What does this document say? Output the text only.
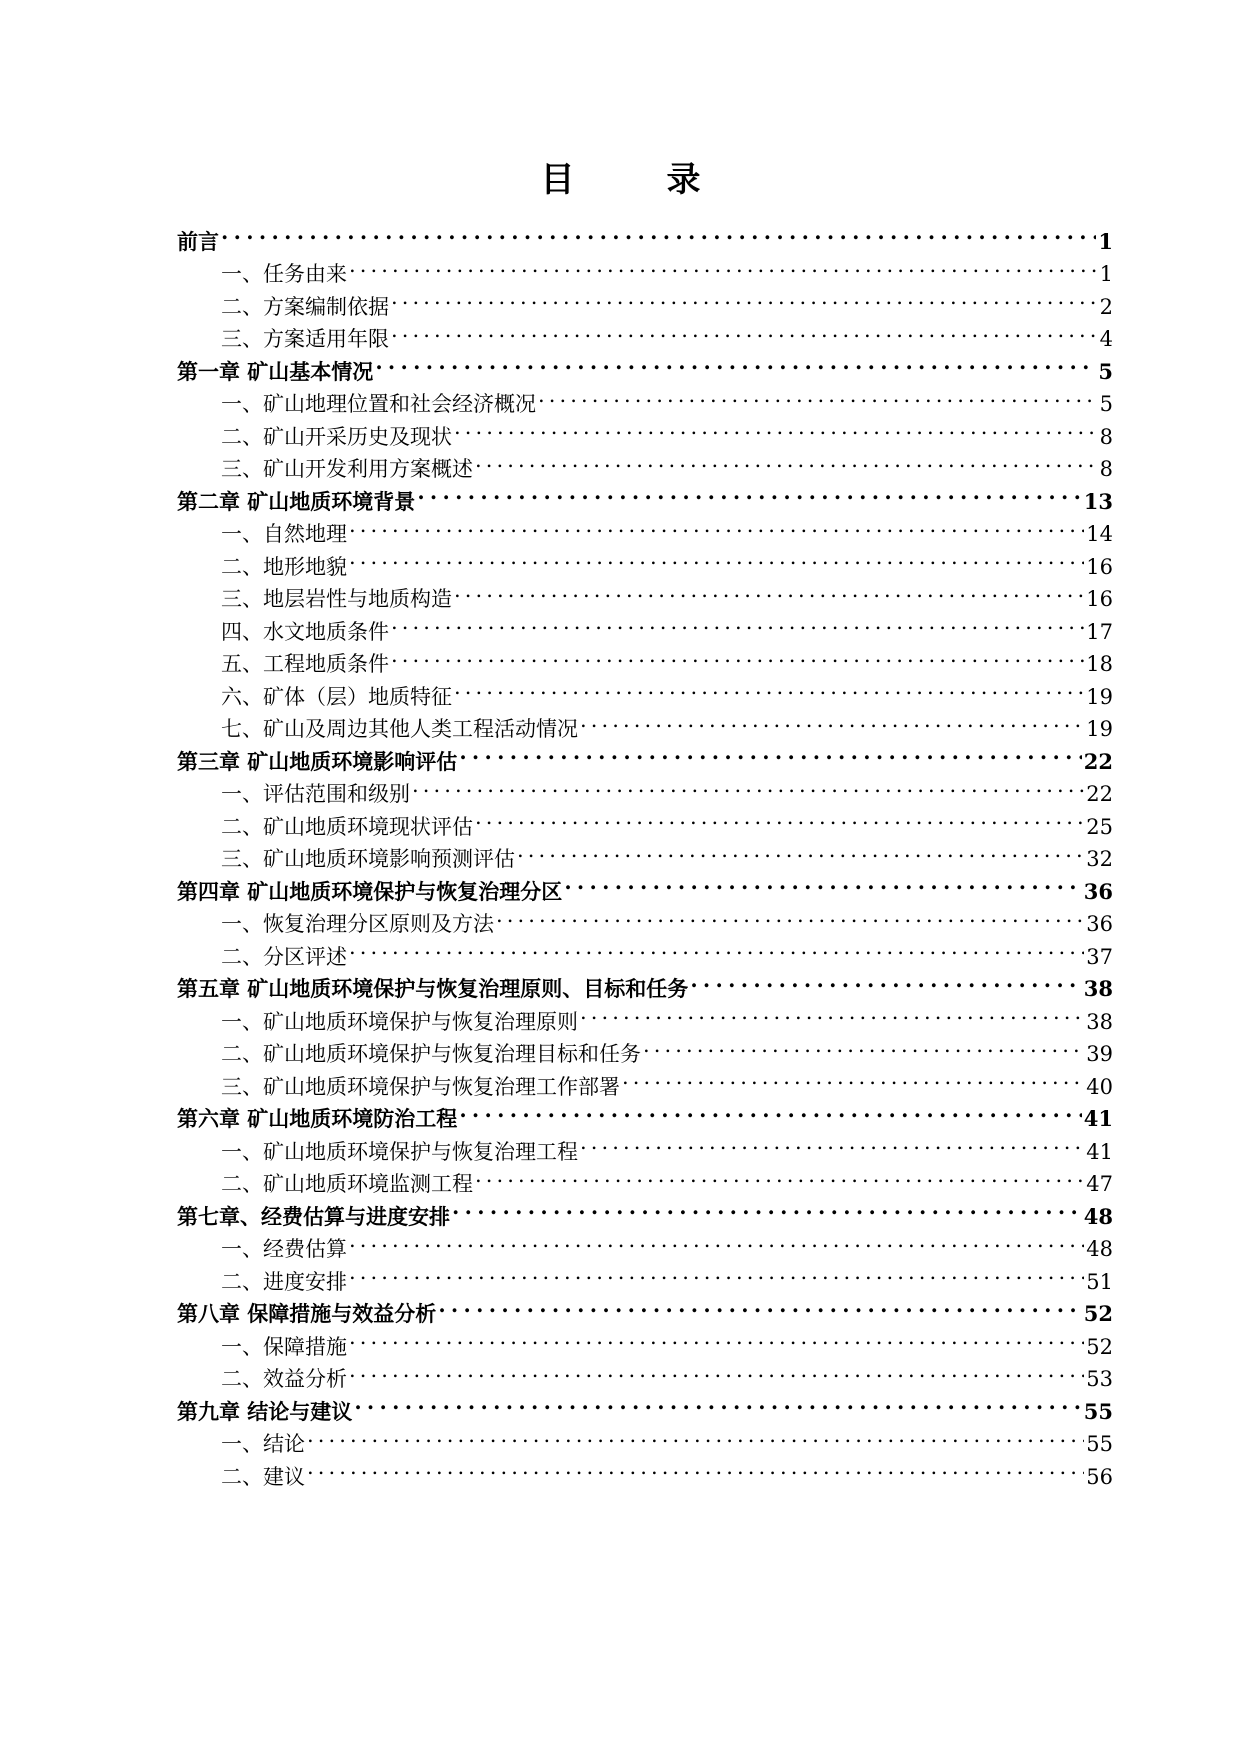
目	录
前言 . . .	1
一、任务由来 . . .	1
二、方案编制依据 . . .	2
三、方案适用年限 . . .	4
第一章 矿山基本情况 . . .	5
一、矿山地理位置和社会经济概况 . . .	5
二、矿山开采历史及现状 . . .	8
三、矿山开发利用方案概述 . . .	8
第二章 矿山地质环境背景 . . .	13
一、自然地理 . . .	14
二、地形地貌 . . .	16
三、地层岩性与地质构造 . . .	16
四、水文地质条件 . . .	17
五、工程地质条件 . . .	18
六、矿体（层）地质特征 . . .	19
七、矿山及周边其他人类工程活动情况 . . .	19
第三章 矿山地质环境影响评估 . . .	22
一、评估范围和级别 . . .	22
二、矿山地质环境现状评估 . . .	25
三、矿山地质环境影响预测评估 . . .	32
第四章 矿山地质环境保护与恢复治理分区 . . .	36
一、恢复治理分区原则及方法 . . .	36
二、分区评述 . . .	37
第五章 矿山地质环境保护与恢复治理原则、目标和任务 . . .	38
一、矿山地质环境保护与恢复治理原则 . . .	38
二、矿山地质环境保护与恢复治理目标和任务 . . .	39
三、矿山地质环境保护与恢复治理工作部署 . . .	40
第六章 矿山地质环境防治工程 . . .	41
一、矿山地质环境保护与恢复治理工程 . . .	41
二、矿山地质环境监测工程 . . .	47
第七章、经费估算与进度安排 . . .	48
一、经费估算 . . .	48
二、进度安排 . . .	51
第八章 保障措施与效益分析 . . .	52
一、保障措施 . . .	52
二、效益分析 . . .	53
第九章 结论与建议 . . .	55
一、结论 . . .	55
二、建议 . . .	56
